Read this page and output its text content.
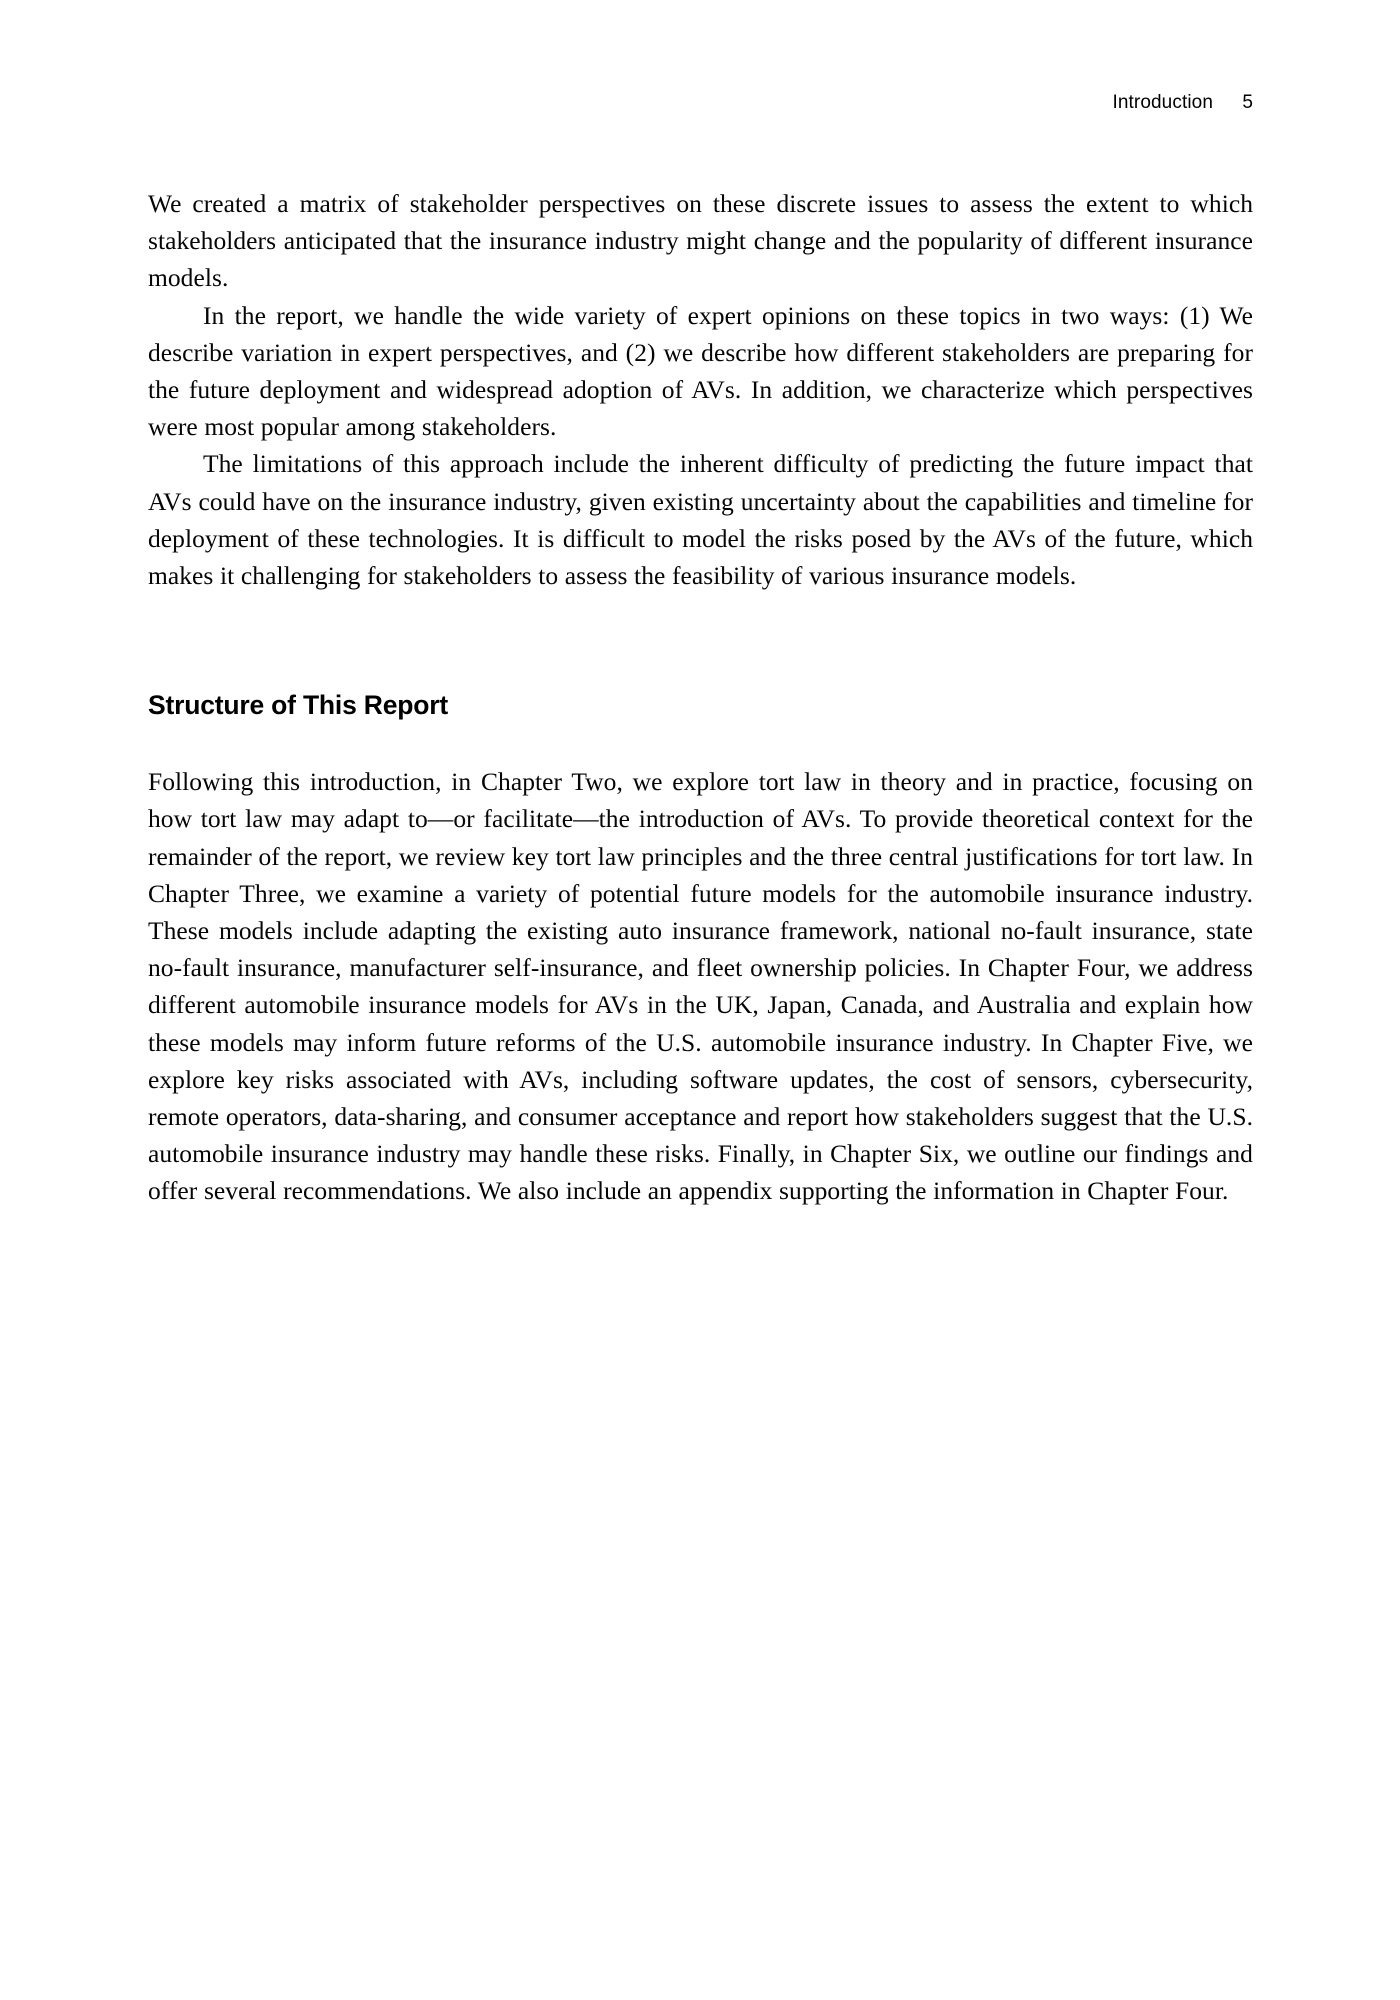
Introduction 5

We created a matrix of stakeholder perspectives on these discrete issues to assess the extent to which stakeholders anticipated that the insurance industry might change and the popularity of different insurance models.

In the report, we handle the wide variety of expert opinions on these topics in two ways: (1) We describe variation in expert perspectives, and (2) we describe how different stakeholders are preparing for the future deployment and widespread adoption of AVs. In addition, we characterize which perspectives were most popular among stakeholders.

The limitations of this approach include the inherent difficulty of predicting the future impact that AVs could have on the insurance industry, given existing uncertainty about the capabilities and timeline for deployment of these technologies. It is difficult to model the risks posed by the AVs of the future, which makes it challenging for stakeholders to assess the feasibility of various insurance models.

Structure of This Report

Following this introduction, in Chapter Two, we explore tort law in theory and in practice, focusing on how tort law may adapt to—or facilitate—the introduction of AVs. To provide theoretical context for the remainder of the report, we review key tort law principles and the three central justifications for tort law. In Chapter Three, we examine a variety of potential future models for the automobile insurance industry. These models include adapting the existing auto insurance framework, national no-fault insurance, state no-fault insurance, manufacturer self-insurance, and fleet ownership policies. In Chapter Four, we address different automobile insurance models for AVs in the UK, Japan, Canada, and Australia and explain how these models may inform future reforms of the U.S. automobile insurance industry. In Chapter Five, we explore key risks associated with AVs, including software updates, the cost of sensors, cybersecurity, remote operators, data-sharing, and consumer acceptance and report how stakeholders suggest that the U.S. automobile insurance industry may handle these risks. Finally, in Chapter Six, we outline our findings and offer several recommendations. We also include an appendix supporting the information in Chapter Four.
